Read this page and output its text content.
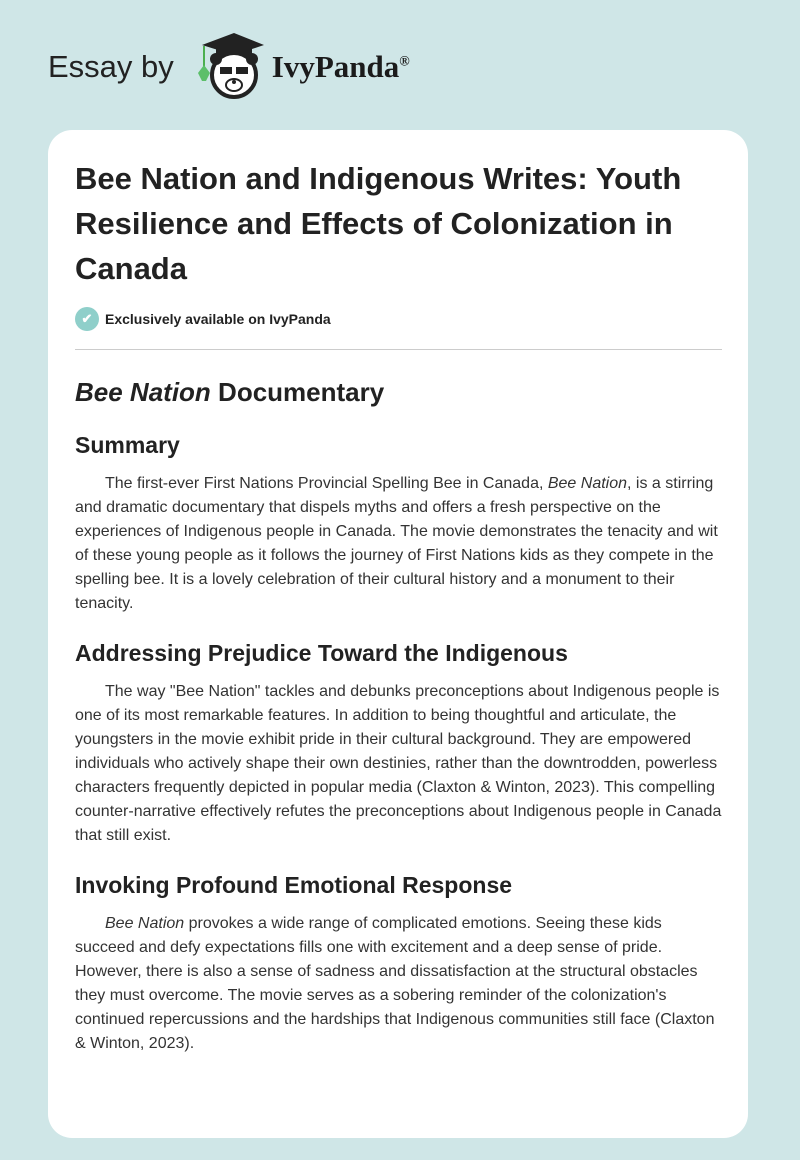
Essay by	IvyPanda®
Bee Nation and Indigenous Writes: Youth Resilience and Effects of Colonization in Canada
✔ Exclusively available on IvyPanda
Bee Nation Documentary
Summary

The first-ever First Nations Provincial Spelling Bee in Canada, Bee Nation, is a stirring and dramatic documentary that dispels myths and offers a fresh perspective on the experiences of Indigenous people in Canada. The movie demonstrates the tenacity and wit of these young people as it follows the journey of First Nations kids as they compete in the spelling bee. It is a lovely celebration of their cultural history and a monument to their tenacity.

Addressing Prejudice Toward the Indigenous

The way "Bee Nation" tackles and debunks preconceptions about Indigenous people is one of its most remarkable features. In addition to being thoughtful and articulate, the youngsters in the movie exhibit pride in their cultural background. They are empowered individuals who actively shape their own destinies, rather than the downtrodden, powerless characters frequently depicted in popular media (Claxton & Winton, 2023). This compelling counter-narrative effectively refutes the preconceptions about Indigenous people in Canada that still exist.

Invoking Profound Emotional Response

Bee Nation provokes a wide range of complicated emotions. Seeing these kids succeed and defy expectations fills one with excitement and a deep sense of pride. However, there is also a sense of sadness and dissatisfaction at the structural obstacles they must overcome. The movie serves as a sobering reminder of the colonization's continued repercussions and the hardships that Indigenous communities still face (Claxton & Winton, 2023).
